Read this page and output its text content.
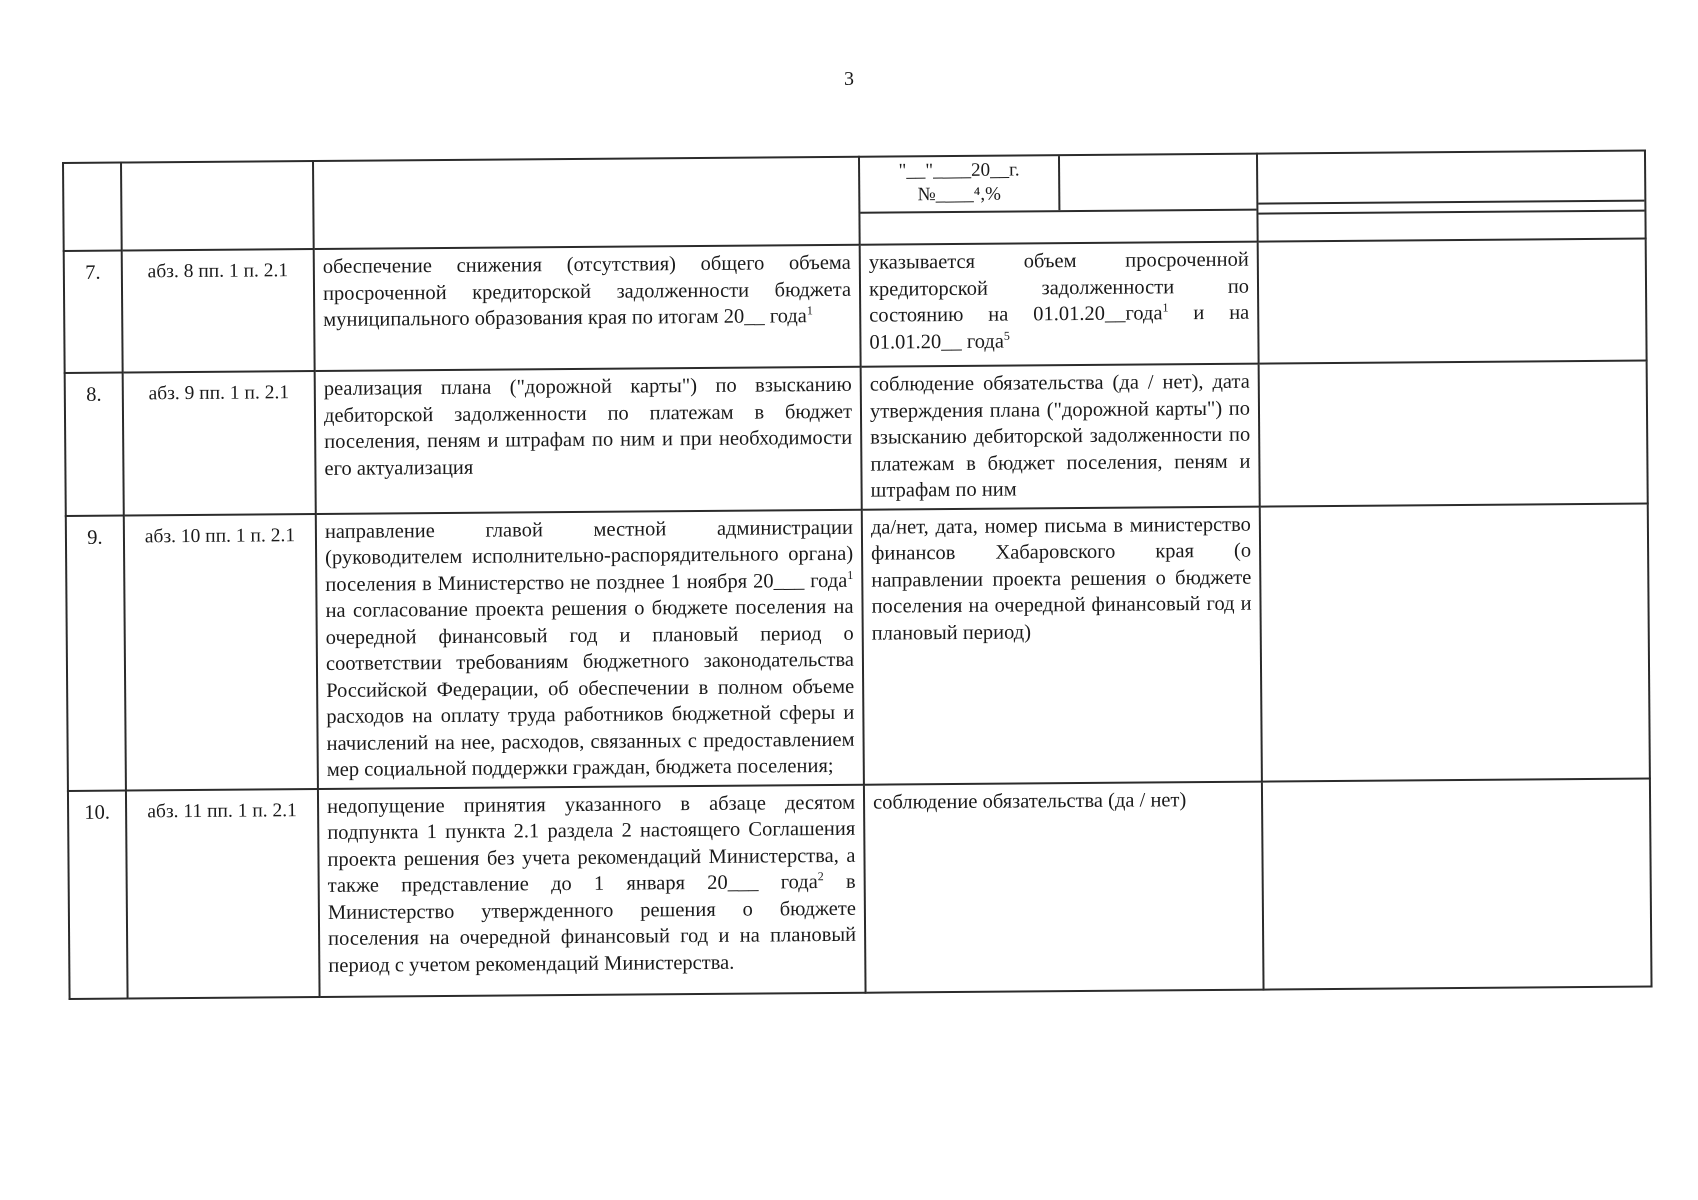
3

			"__"____20__г.
№____⁴,%	

7.	абз. 8 пп. 1 п. 2.1	обеспечение снижения (отсутствия) общего объема просроченной кредиторской задолженности бюджета муниципального образования края по итогам 20__ года$^1$	указывается объем просроченной кредиторской задолженности по состоянию на 01.01.20__года$^1$ и на 01.01.20__ года$^5$	
8.	абз. 9 пп. 1 п. 2.1	реализация плана ("дорожной карты") по взысканию дебиторской задолженности по платежам в бюджет поселения, пеням и штрафам по ним и при необходимости его актуализация	соблюдение обязательства (да / нет), дата утверждения плана ("дорожной карты") по взысканию дебиторской задолженности по платежам в бюджет поселения, пеням и штрафам по ним	
9.	абз. 10 пп. 1 п. 2.1	направление главой местной администрации (руководителем исполнительно-распорядительного органа) поселения в Министерство не позднее 1 ноября 20___ года$^1$ на согласование проекта решения о бюджете поселения на очередной финансовый год и плановый период о соответствии требованиям бюджетного законодательства Российской Федерации, об обеспечении в полном объеме расходов на оплату труда работников бюджетной сферы и начислений на нее, расходов, связанных с предоставлением мер социальной поддержки граждан, бюджета поселения;	да/нет, дата, номер письма в министерство финансов Хабаровского края (о направлении проекта решения о бюджете поселения на очередной финансовый год и плановый период)	
10.	абз. 11 пп. 1 п. 2.1	недопущение принятия указанного в абзаце десятом подпункта 1 пункта 2.1 раздела 2 настоящего Соглашения проекта решения без учета рекомендаций Министерства, а также представление до 1 января 20___ года$^2$ в Министерство утвержденного решения о бюджете поселения на очередной финансовый год и на плановый период с учетом рекомендаций Министерства.	соблюдение обязательства (да / нет)	
